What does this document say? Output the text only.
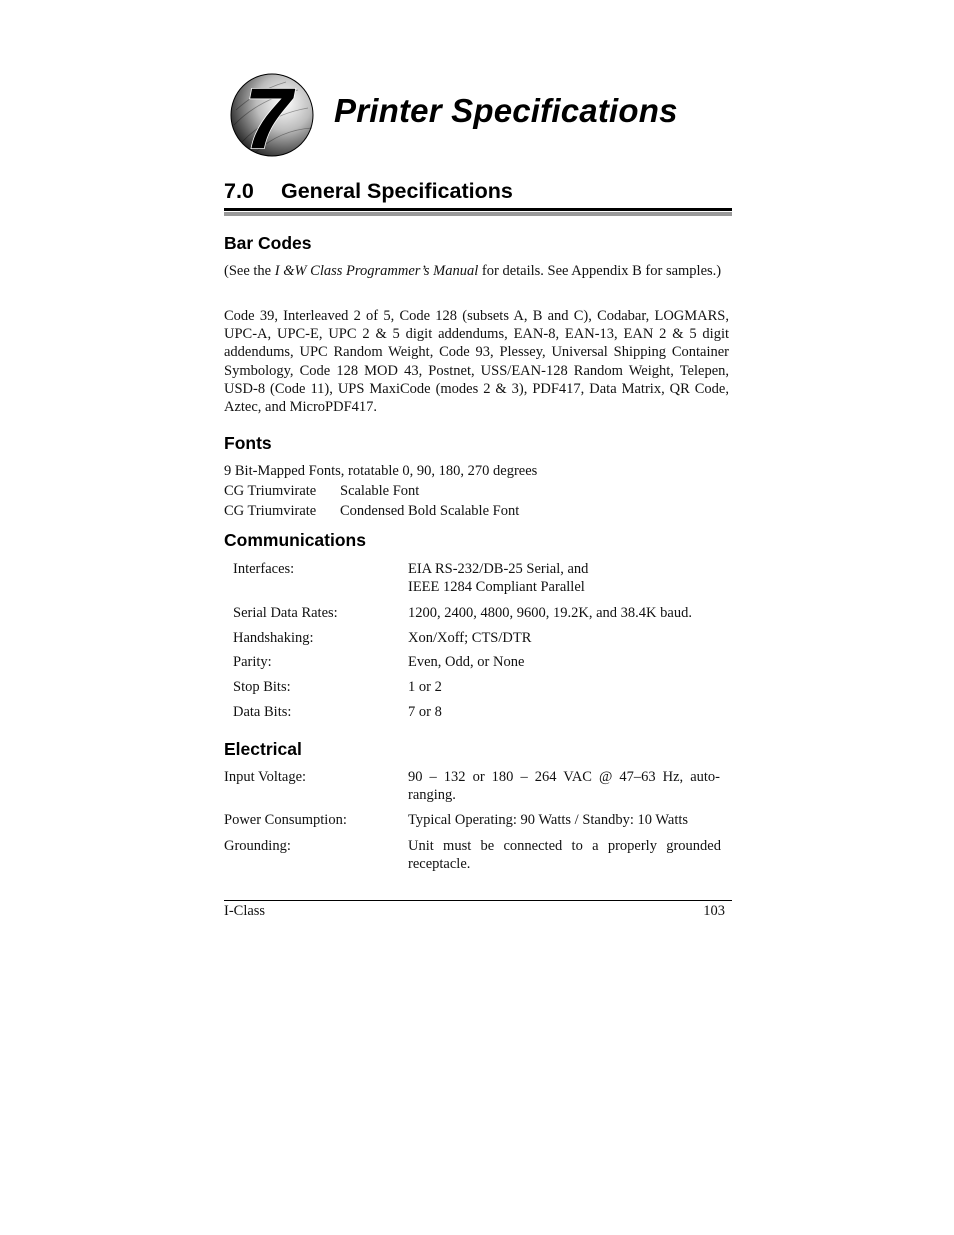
7 Printer Specifications
7.0 General Specifications
Bar Codes

(See the I &W Class Programmer’s Manual for details. See Appendix B for samples.)

Code 39, Interleaved 2 of 5, Code 128 (subsets A, B and C), Codabar, LOGMARS, UPC-A, UPC-E, UPC 2 & 5 digit addendums, EAN-8, EAN-13, EAN 2 & 5 digit addendums, UPC Random Weight, Code 93, Plessey, Universal Shipping Container Symbology, Code 128 MOD 43, Postnet, USS/EAN-128 Random Weight, Telepen, USD-8 (Code 11), UPS MaxiCode (modes 2 & 3), PDF417, Data Matrix, QR Code, Aztec, and MicroPDF417.

Fonts

9 Bit-Mapped Fonts, rotatable 0, 90, 180, 270 degrees

CG Triumvirate Scalable Font

CG Triumvirate Condensed Bold Scalable Font

Communications
Interfaces:	EIA RS-232/DB-25 Serial, and
IEEE 1284 Compliant Parallel
Serial Data Rates:	1200, 2400, 4800, 9600, 19.2K, and 38.4K baud.
Handshaking:	Xon/Xoff; CTS/DTR
Parity:	Even, Odd, or None
Stop Bits:	1 or 2
Data Bits:	7 or 8
Electrical
Input Voltage:	90 – 132 or 180 – 264 VAC @ 47–63 Hz, auto-ranging.
Power Consumption:	Typical Operating: 90 Watts / Standby: 10 Watts
Grounding:	Unit must be connected to a properly grounded receptacle.
I-Class	103
